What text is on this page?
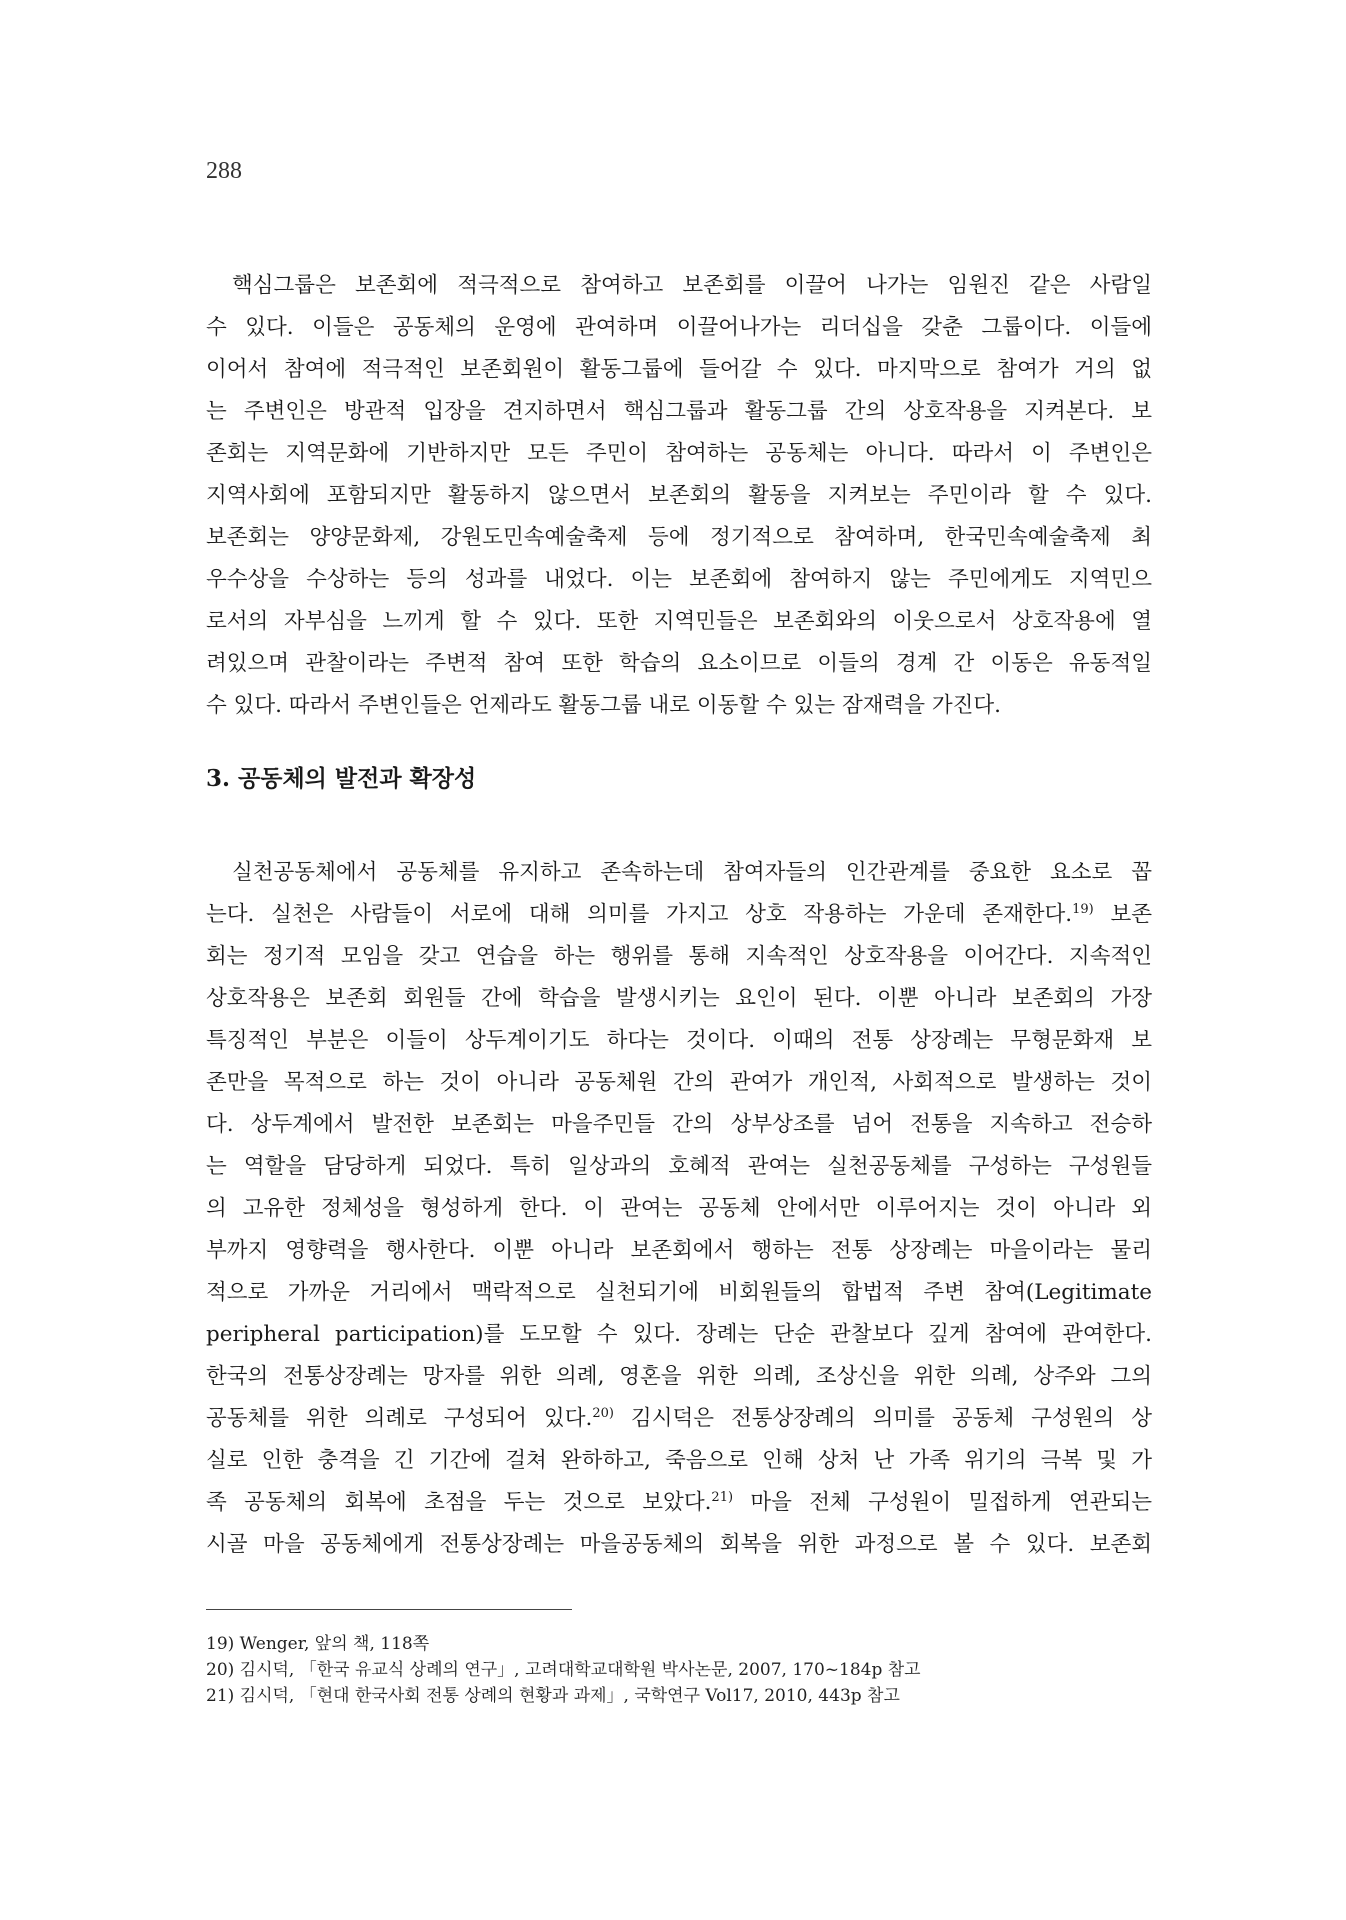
288
핵심그룹은 보존회에 적극적으로 참여하고 보존회를 이끌어 나가는 임원진 같은 사람일
수 있다. 이들은 공동체의 운영에 관여하며 이끌어나가는 리더십을 갖춘 그룹이다. 이들에
이어서 참여에 적극적인 보존회원이 활동그룹에 들어갈 수 있다. 마지막으로 참여가 거의 없
는 주변인은 방관적 입장을 견지하면서 핵심그룹과 활동그룹 간의 상호작용을 지켜본다. 보
존회는 지역문화에 기반하지만 모든 주민이 참여하는 공동체는 아니다. 따라서 이 주변인은
지역사회에 포함되지만 활동하지 않으면서 보존회의 활동을 지켜보는 주민이라 할 수 있다.
보존회는 양양문화제, 강원도민속예술축제 등에 정기적으로 참여하며, 한국민속예술축제 최
우수상을 수상하는 등의 성과를 내었다. 이는 보존회에 참여하지 않는 주민에게도 지역민으
로서의 자부심을 느끼게 할 수 있다. 또한 지역민들은 보존회와의 이웃으로서 상호작용에 열
려있으며 관찰이라는 주변적 참여 또한 학습의 요소이므로 이들의 경계 간 이동은 유동적일
수 있다. 따라서 주변인들은 언제라도 활동그룹 내로 이동할 수 있는 잠재력을 가진다.
3. 공동체의 발전과 확장성
실천공동체에서 공동체를 유지하고 존속하는데 참여자들의 인간관계를 중요한 요소로 꼽
는다. 실천은 사람들이 서로에 대해 의미를 가지고 상호 작용하는 가운데 존재한다.$^{19)}$ 보존
회는 정기적 모임을 갖고 연습을 하는 행위를 통해 지속적인 상호작용을 이어간다. 지속적인
상호작용은 보존회 회원들 간에 학습을 발생시키는 요인이 된다. 이뿐 아니라 보존회의 가장
특징적인 부분은 이들이 상두계이기도 하다는 것이다. 이때의 전통 상장례는 무형문화재 보
존만을 목적으로 하는 것이 아니라 공동체원 간의 관여가 개인적, 사회적으로 발생하는 것이
다. 상두계에서 발전한 보존회는 마을주민들 간의 상부상조를 넘어 전통을 지속하고 전승하
는 역할을 담당하게 되었다. 특히 일상과의 호혜적 관여는 실천공동체를 구성하는 구성원들
의 고유한 정체성을 형성하게 한다. 이 관여는 공동체 안에서만 이루어지는 것이 아니라 외
부까지 영향력을 행사한다. 이뿐 아니라 보존회에서 행하는 전통 상장례는 마을이라는 물리
적으로 가까운 거리에서 맥락적으로 실천되기에 비회원들의 합법적 주변 참여(Legitimate
peripheral participation)를 도모할 수 있다. 장례는 단순 관찰보다 깊게 참여에 관여한다.
한국의 전통상장례는 망자를 위한 의례, 영혼을 위한 의례, 조상신을 위한 의례, 상주와 그의
공동체를 위한 의례로 구성되어 있다.$^{20)}$ 김시덕은 전통상장례의 의미를 공동체 구성원의 상
실로 인한 충격을 긴 기간에 걸쳐 완하하고, 죽음으로 인해 상처 난 가족 위기의 극복 및 가
족 공동체의 회복에 초점을 두는 것으로 보았다.$^{21)}$ 마을 전체 구성원이 밀접하게 연관되는
시골 마을 공동체에게 전통상장례는 마을공동체의 회복을 위한 과정으로 볼 수 있다. 보존회
19) Wenger, 앞의 책, 118쪽
20) 김시덕, 「한국 유교식 상례의 연구」, 고려대학교대학원 박사논문, 2007, 170~184p 참고
21) 김시덕, 「현대 한국사회 전통 상례의 현황과 과제」, 국학연구 Vol17, 2010, 443p 참고
